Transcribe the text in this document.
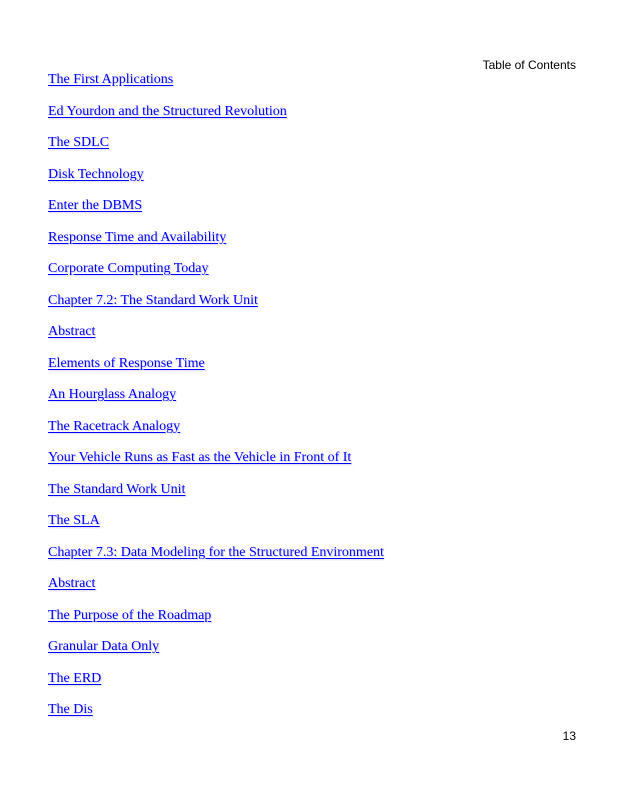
Table of Contents
The First Applications
Ed Yourdon and the Structured Revolution
The SDLC
Disk Technology
Enter the DBMS
Response Time and Availability
Corporate Computing Today
Chapter 7.2: The Standard Work Unit
Abstract
Elements of Response Time
An Hourglass Analogy
The Racetrack Analogy
Your Vehicle Runs as Fast as the Vehicle in Front of It
The Standard Work Unit
The SLA
Chapter 7.3: Data Modeling for the Structured Environment
Abstract
The Purpose of the Roadmap
Granular Data Only
The ERD
The Dis
13
